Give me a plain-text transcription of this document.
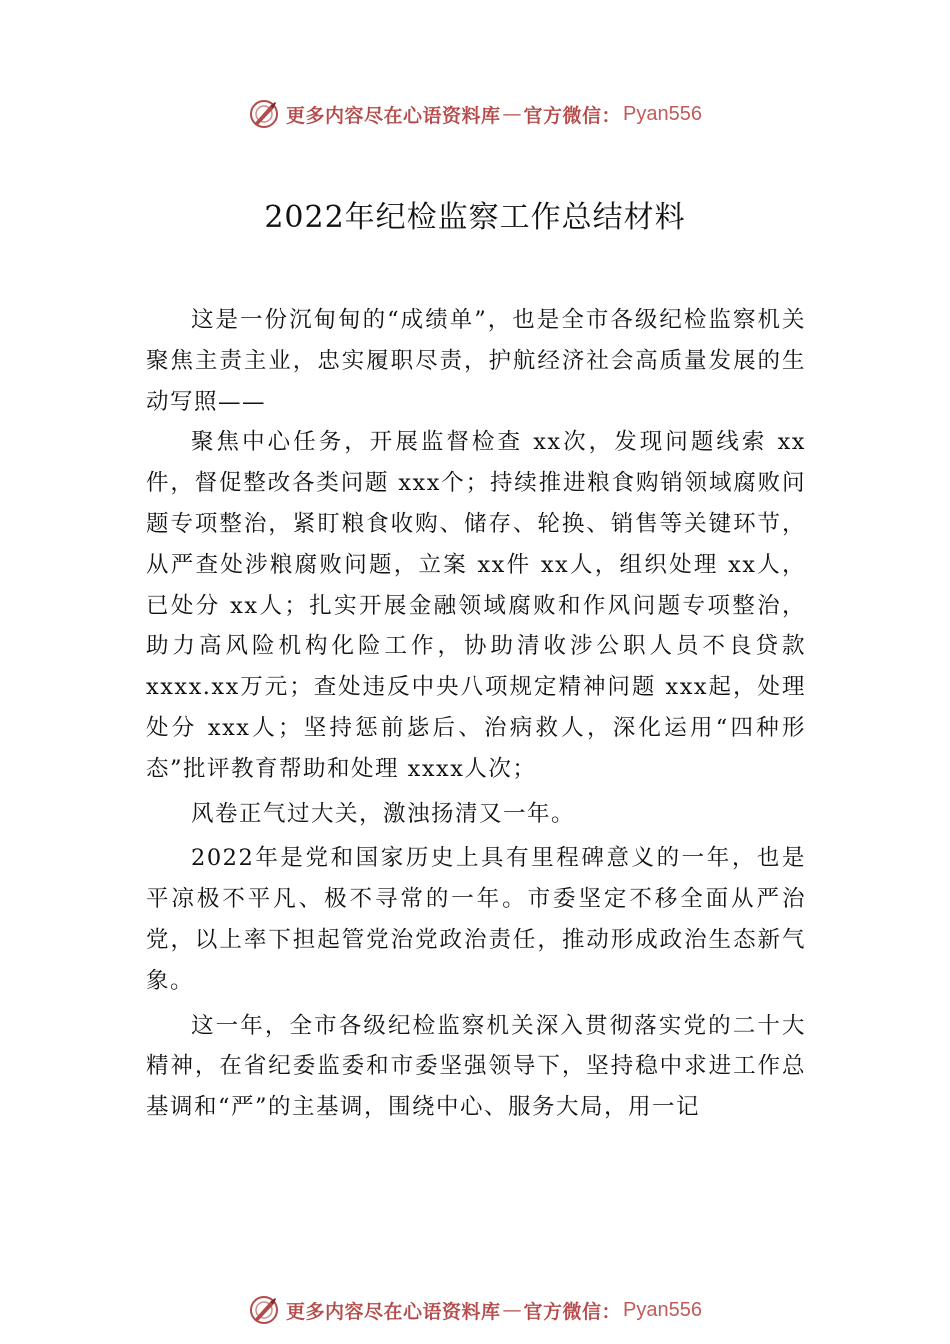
更多内容尽在心语资料库 — 官方微信： Pyan556
2022年纪检监察工作总结材料

这是一份沉甸甸的“成绩单”，也是全市各级纪检监察机关聚焦主责主业，忠实履职尽责，护航经济社会高质量发展的生动写照——

聚焦中心任务，开展监督检查 xx次，发现问题线索 xx件，督促整改各类问题 xxx个；持续推进粮食购销领域腐败问题专项整治，紧盯粮食收购、储存、轮换、销售等关键环节，从严查处涉粮腐败问题，立案 xx件 xx人，组织处理 xx人，已处分 xx人；扎实开展金融领域腐败和作风问题专项整治，助力高风险机构化险工作，协助清收涉公职人员不良贷款 xxxx.xx万元；查处违反中央八项规定精神问题 xxx起，处理处分 xxx人；坚持惩前毖后、治病救人，深化运用“四种形态”批评教育帮助和处理 xxxx人次；

风卷正气过大关，激浊扬清又一年。

2022年是党和国家历史上具有里程碑意义的一年，也是平凉极不平凡、极不寻常的一年。市委坚定不移全面从严治党，以上率下担起管党治党政治责任，推动形成政治生态新气象。

这一年，全市各级纪检监察机关深入贯彻落实党的二十大精神，在省纪委监委和市委坚强领导下，坚持稳中求进工作总基调和“严”的主基调，围绕中心、服务大局，用一记

更多内容尽在心语资料库 — 官方微信： Pyan556
